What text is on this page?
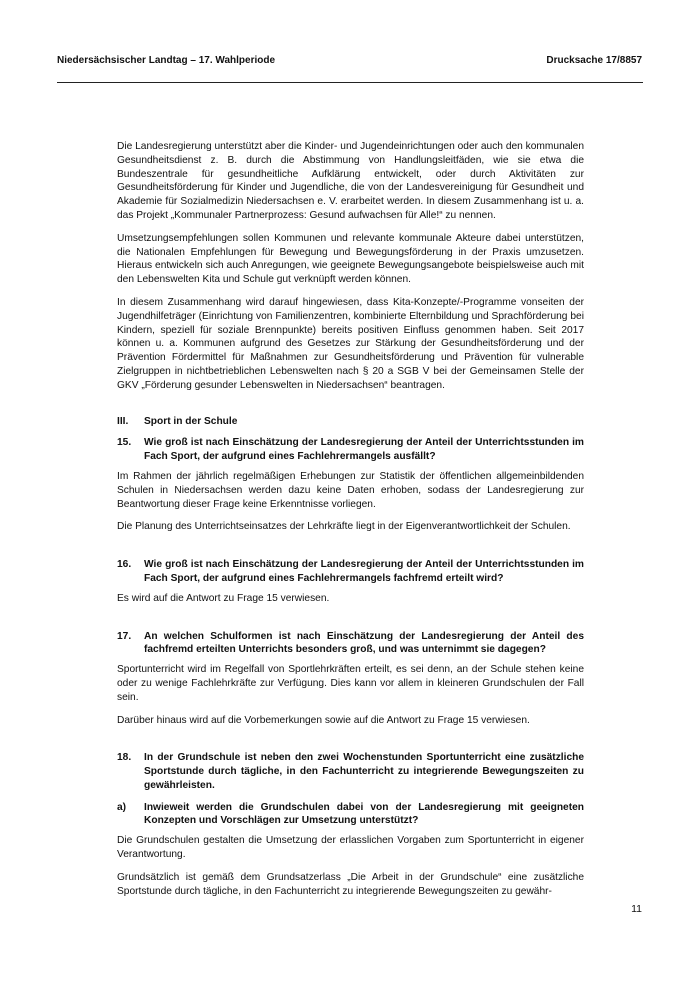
Niedersächsischer Landtag – 17. Wahlperiode	Drucksache 17/8857

Die Landesregierung unterstützt aber die Kinder- und Jugendeinrichtungen oder auch den kommunalen Gesundheitsdienst z. B. durch die Abstimmung von Handlungsleitfäden, wie sie etwa die Bundeszentrale für gesundheitliche Aufklärung entwickelt, oder durch Aktivitäten zur Gesundheitsförderung für Kinder und Jugendliche, die von der Landesvereinigung für Gesundheit und Akademie für Sozialmedizin Niedersachsen e. V. erarbeitet werden. In diesem Zusammenhang ist u. a. das Projekt „Kommunaler Partnerprozess: Gesund aufwachsen für Alle!“ zu nennen.

Umsetzungsempfehlungen sollen Kommunen und relevante kommunale Akteure dabei unterstützen, die Nationalen Empfehlungen für Bewegung und Bewegungsförderung in der Praxis umzusetzen. Hieraus entwickeln sich auch Anregungen, wie geeignete Bewegungsangebote beispielsweise auch mit den Lebenswelten Kita und Schule gut verknüpft werden können.

In diesem Zusammenhang wird darauf hingewiesen, dass Kita-Konzepte/-Programme vonseiten der Jugendhilfeträger (Einrichtung von Familienzentren, kombinierte Elternbildung und Sprachförderung bei Kindern, speziell für soziale Brennpunkte) bereits positiven Einfluss genommen haben. Seit 2017 können u. a. Kommunen aufgrund des Gesetzes zur Stärkung der Gesundheitsförderung und der Prävention Fördermittel für Maßnahmen zur Gesundheitsförderung und Prävention für vulnerable Zielgruppen in nichtbetrieblichen Lebenswelten nach § 20 a SGB V bei der Gemeinsamen Stelle der GKV „Förderung gesunder Lebenswelten in Niedersachsen“ beantragen.

III.	Sport in der Schule
15.	Wie groß ist nach Einschätzung der Landesregierung der Anteil der Unterrichtsstunden im Fach Sport, der aufgrund eines Fachlehrermangels ausfällt?

Im Rahmen der jährlich regelmäßigen Erhebungen zur Statistik der öffentlichen allgemeinbildenden Schulen in Niedersachsen werden dazu keine Daten erhoben, sodass der Landesregierung zur Beantwortung dieser Frage keine Erkenntnisse vorliegen.

Die Planung des Unterrichtseinsatzes der Lehrkräfte liegt in der Eigenverantwortlichkeit der Schulen.

16.	Wie groß ist nach Einschätzung der Landesregierung der Anteil der Unterrichtsstunden im Fach Sport, der aufgrund eines Fachlehrermangels fachfremd erteilt wird?

Es wird auf die Antwort zu Frage 15 verwiesen.

17.	An welchen Schulformen ist nach Einschätzung der Landesregierung der Anteil des fachfremd erteilten Unterrichts besonders groß, und was unternimmt sie dagegen?

Sportunterricht wird im Regelfall von Sportlehrkräften erteilt, es sei denn, an der Schule stehen keine oder zu wenige Fachlehrkräfte zur Verfügung. Dies kann vor allem in kleineren Grundschulen der Fall sein.

Darüber hinaus wird auf die Vorbemerkungen sowie auf die Antwort zu Frage 15 verwiesen.

18.	In der Grundschule ist neben den zwei Wochenstunden Sportunterricht eine zusätzliche Sportstunde durch tägliche, in den Fachunterricht zu integrierende Bewegungszeiten zu gewährleisten.
a)	Inwieweit werden die Grundschulen dabei von der Landesregierung mit geeigneten Konzepten und Vorschlägen zur Umsetzung unterstützt?

Die Grundschulen gestalten die Umsetzung der erlasslichen Vorgaben zum Sportunterricht in eigener Verantwortung.

Grundsätzlich ist gemäß dem Grundsatzerlass „Die Arbeit in der Grundschule“ eine zusätzliche Sportstunde durch tägliche, in den Fachunterricht zu integrierende Bewegungszeiten zu gewähr-

11
